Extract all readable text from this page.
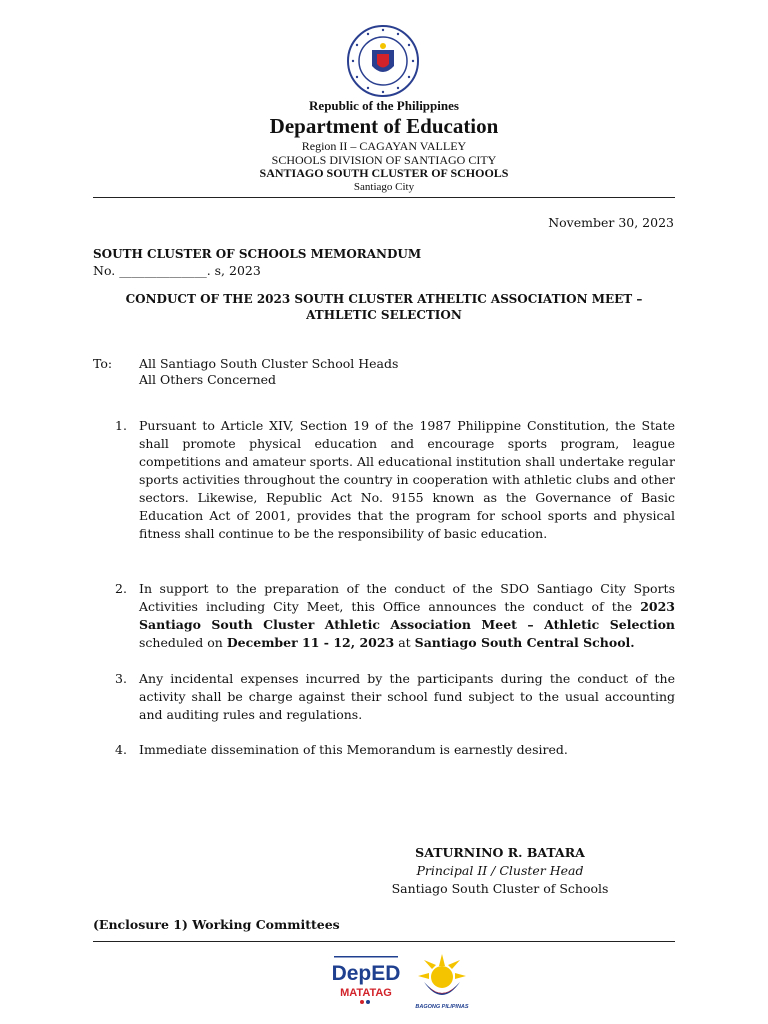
Republic of the Philippines
Department of Education
Region II – CAGAYAN VALLEY
SCHOOLS DIVISION OF SANTIAGO CITY
SANTIAGO SOUTH CLUSTER OF SCHOOLS
Santiago City
November 30, 2023
SOUTH CLUSTER OF SCHOOLS MEMORANDUM
No. ______________. s, 2023
CONDUCT OF THE 2023 SOUTH CLUSTER ATHELTIC ASSOCIATION MEET –
ATHLETIC SELECTION
To: All Santiago South Cluster School Heads
All Others Concerned
1. Pursuant to Article XIV, Section 19 of the 1987 Philippine Constitution, the State shall promote physical education and encourage sports program, league competitions and amateur sports. All educational institution shall undertake regular sports activities throughout the country in cooperation with athletic clubs and other sectors. Likewise, Republic Act No. 9155 known as the Governance of Basic Education Act of 2001, provides that the program for school sports and physical fitness shall continue to be the responsibility of basic education.
2. In support to the preparation of the conduct of the SDO Santiago City Sports Activities including City Meet, this Office announces the conduct of the 2023 Santiago South Cluster Athletic Association Meet – Athletic Selection scheduled on December 11 - 12, 2023 at Santiago South Central School.
3. Any incidental expenses incurred by the participants during the conduct of the activity shall be charge against their school fund subject to the usual accounting and auditing rules and regulations.
4. Immediate dissemination of this Memorandum is earnestly desired.
SATURNINO R. BATARA
Principal II / Cluster Head
Santiago South Cluster of Schools
(Enclosure 1) Working Committees
DepED
MATATAG
BAGONG PILIPINAS
